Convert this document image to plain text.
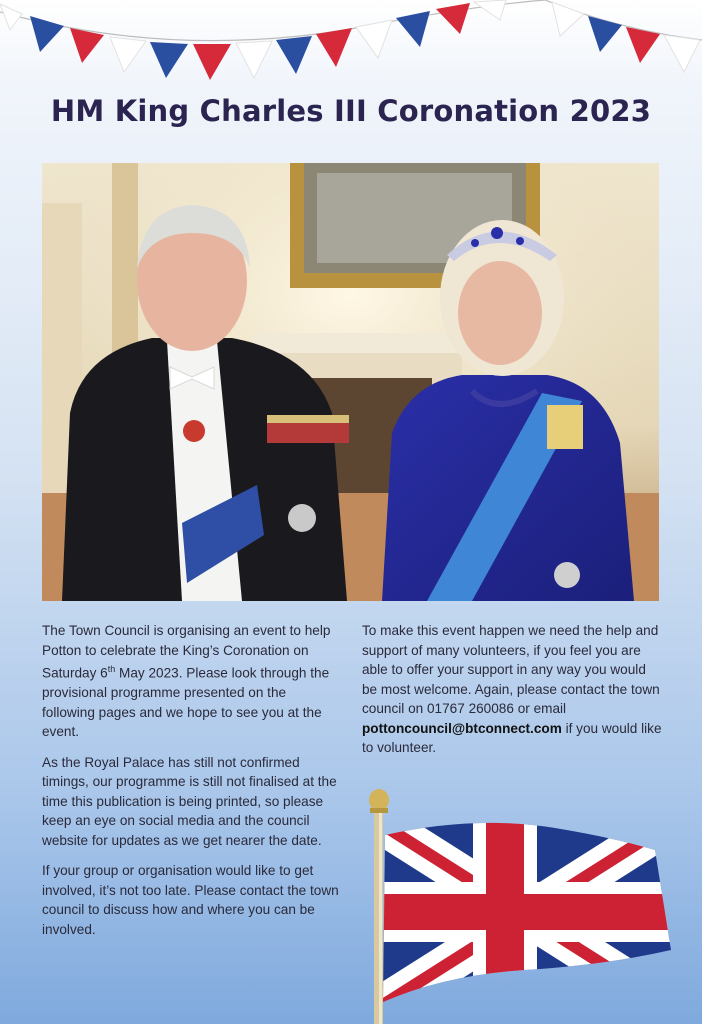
HM King Charles III Coronation 2023

The Town Council is organising an event to help Potton to celebrate the King’s Coronation on Saturday 6th May 2023. Please look through the provisional programme presented on the following pages and we hope to see you at the event.

As the Royal Palace has still not confirmed timings, our programme is still not finalised at the time this publication is being printed, so please keep an eye on social media and the council website for updates as we get nearer the date.

If your group or organisation would like to get involved, it’s not too late. Please contact the town council to discuss how and where you can be involved.

To make this event happen we need the help and support of many volunteers, if you feel you are able to offer your support in any way you would be most welcome. Again, please contact the town council on 01767 260086 or email pottoncouncil@btconnect.com if you would like to volunteer.
